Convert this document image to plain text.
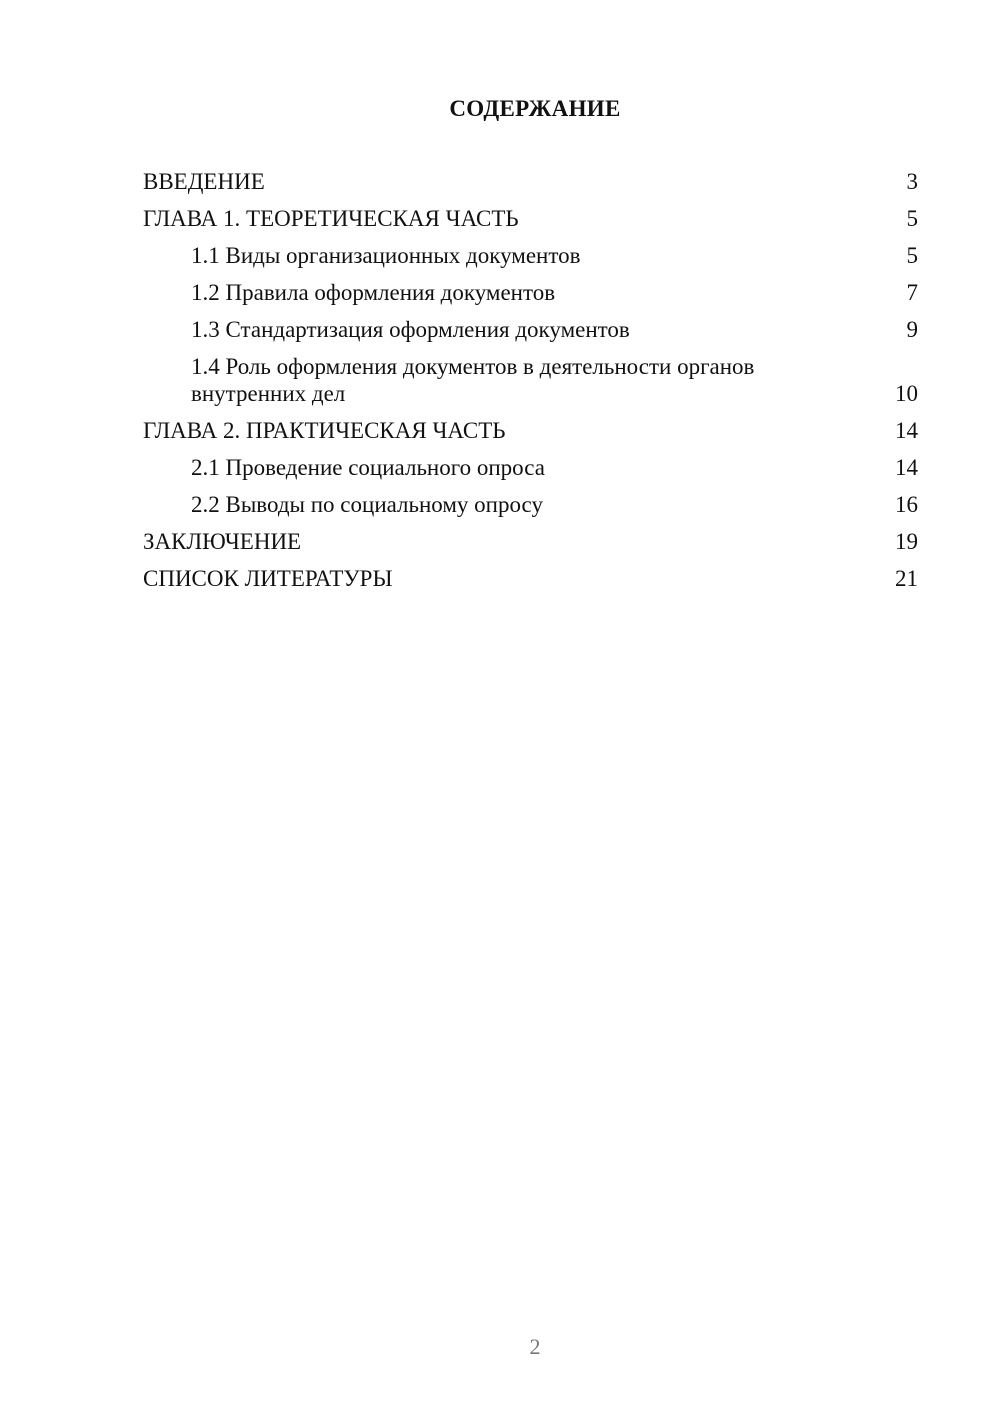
СОДЕРЖАНИЕ
ВВЕДЕНИЕ	3
ГЛАВА 1. ТЕОРЕТИЧЕСКАЯ ЧАСТЬ	5
1.1 Виды организационных документов	5
1.2 Правила оформления документов	7
1.3 Стандартизация оформления документов	9
1.4 Роль оформления документов в деятельности органов внутренних дел	10
ГЛАВА 2. ПРАКТИЧЕСКАЯ ЧАСТЬ	14
2.1 Проведение социального опроса	14
2.2 Выводы по социальному опросу	16
ЗАКЛЮЧЕНИЕ	19
СПИСОК ЛИТЕРАТУРЫ	21
2
